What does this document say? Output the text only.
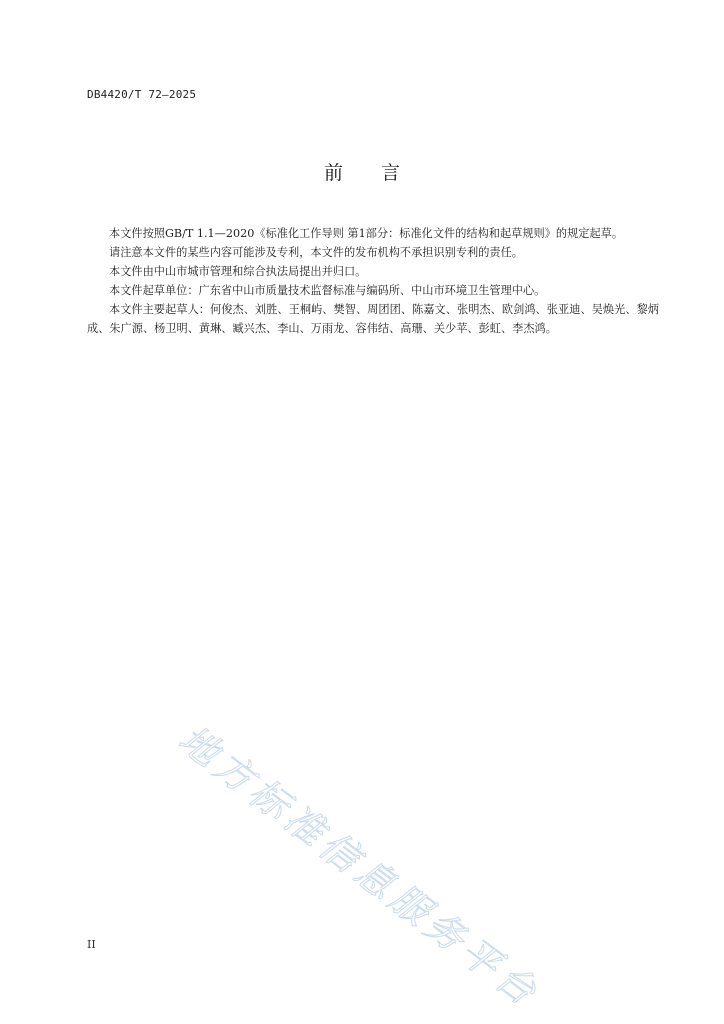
DB4420/T 72—2025
前言

本文件按照GB/T 1.1—2020《标准化工作导则 第1部分：标准化文件的结构和起草规则》的规定起草。

请注意本文件的某些内容可能涉及专利，本文件的发布机构不承担识别专利的责任。

本文件由中山市城市管理和综合执法局提出并归口。

本文件起草单位：广东省中山市质量技术监督标准与编码所、中山市环境卫生管理中心。

本文件主要起草人：何俊杰、刘胜、王桐屿、樊智、周团团、陈嘉文、张明杰、欧剑鸿、张亚迪、吴焕光、黎炳成、朱广源、杨卫明、黄琳、臧兴杰、李山、万雨龙、容伟结、高珊、关少苹、彭虹、李杰鸿。

地方标准信息服务平台
II
